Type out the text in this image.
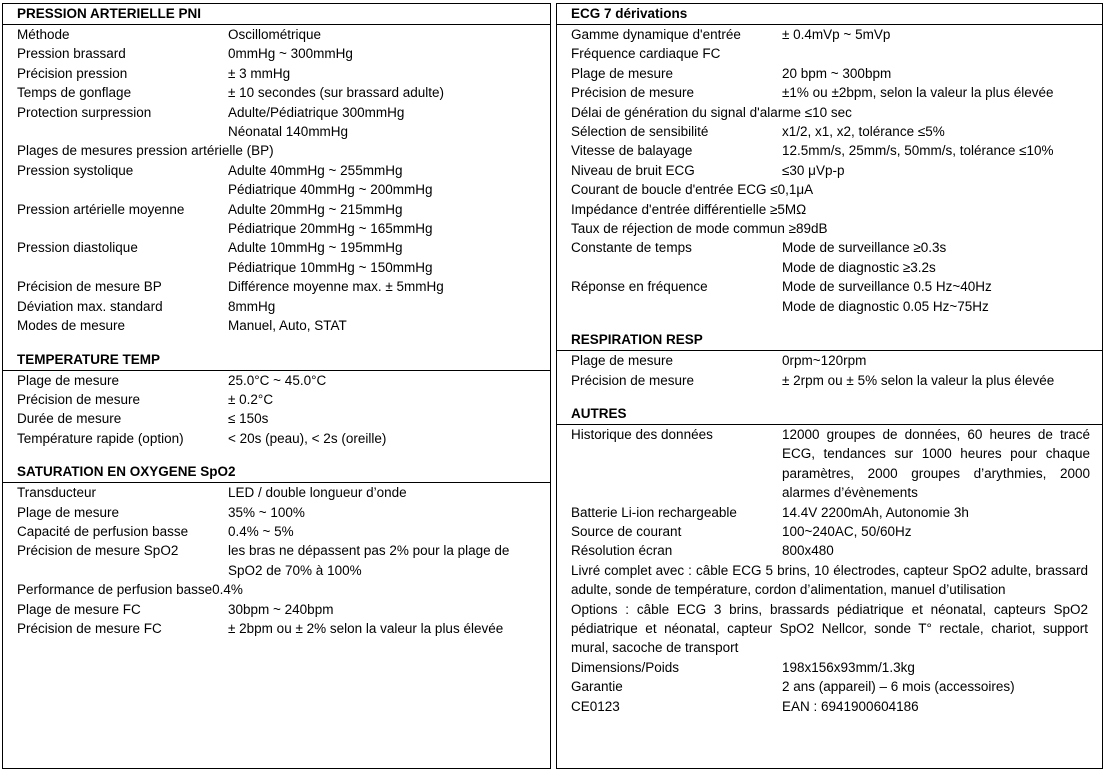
PRESSION ARTERIELLE PNI
Méthode	Oscillométrique
Pression brassard	0mmHg ~ 300mmHg
Précision pression	± 3 mmHg
Temps de gonflage	± 10 secondes (sur brassard adulte)
Protection surpression	Adulte/Pédiatrique 300mmHg
Néonatal 140mmHg
Plages de mesures pression artérielle (BP)
Pression systolique	Adulte 40mmHg ~ 255mmHg
Pédiatrique 40mmHg ~ 200mmHg
Pression artérielle moyenne	Adulte 20mmHg ~ 215mmHg
Pédiatrique 20mmHg ~ 165mmHg
Pression diastolique	Adulte 10mmHg ~ 195mmHg
Pédiatrique 10mmHg ~ 150mmHg
Précision de mesure BP	Différence moyenne max. ± 5mmHg
Déviation max. standard	8mmHg
Modes de mesure	Manuel, Auto, STAT
TEMPERATURE TEMP
Plage de mesure	25.0°C ~ 45.0°C
Précision de mesure	± 0.2°C
Durée de mesure	≤ 150s
Température rapide (option)	< 20s (peau), < 2s (oreille)
SATURATION EN OXYGENE SpO2
Transducteur	LED / double longueur d’onde
Plage de mesure	35% ~ 100%
Capacité de perfusion basse	0.4% ~ 5%
Précision de mesure SpO2	les bras ne dépassent pas 2% pour la plage de SpO2 de 70% à 100%
Performance de perfusion basse 0.4%
Plage de mesure FC	30bpm ~ 240bpm
Précision de mesure FC	± 2bpm ou ± 2% selon la valeur la plus élevée
ECG 7 dérivations
Gamme dynamique d'entrée	± 0.4mVp ~ 5mVp
Fréquence cardiaque FC
Plage de mesure	20 bpm ~ 300bpm
Précision de mesure	±1% ou ±2bpm, selon la valeur la plus élevée
Délai de génération du signal d'alarme ≤10 sec
Sélection de sensibilité	x1/2, x1, x2, tolérance ≤5%
Vitesse de balayage	12.5mm/s, 25mm/s, 50mm/s, tolérance ≤10%
Niveau de bruit ECG	≤30 μVp-p
Courant de boucle d'entrée ECG ≤0,1μA
Impédance d'entrée différentielle ≥5MΩ
Taux de réjection de mode commun ≥89dB
Constante de temps	Mode de surveillance ≥0.3s
Mode de diagnostic ≥3.2s
Réponse en fréquence	Mode de surveillance 0.5 Hz~40Hz
Mode de diagnostic 0.05 Hz~75Hz
RESPIRATION RESP
Plage de mesure	0rpm~120rpm
Précision de mesure	± 2rpm ou ± 5% selon la valeur la plus élevée
AUTRES
Historique des données	12000 groupes de données, 60 heures de tracé ECG, tendances sur 1000 heures pour chaque paramètres, 2000 groupes d’arythmies, 2000 alarmes d’évènements
Batterie Li-ion rechargeable	14.4V 2200mAh, Autonomie 3h
Source de courant	100~240AC, 50/60Hz
Résolution écran	800x480
Livré complet avec : câble ECG 5 brins, 10 électrodes, capteur SpO2 adulte, brassard adulte, sonde de température, cordon d’alimentation, manuel d’utilisation
Options : câble ECG 3 brins, brassards pédiatrique et néonatal, capteurs SpO2 pédiatrique et néonatal, capteur SpO2 Nellcor, sonde T° rectale, chariot, support mural, sacoche de transport
Dimensions/Poids	198x156x93mm/1.3kg
Garantie	2 ans (appareil) – 6 mois (accessoires)
CE0123	EAN : 6941900604186
